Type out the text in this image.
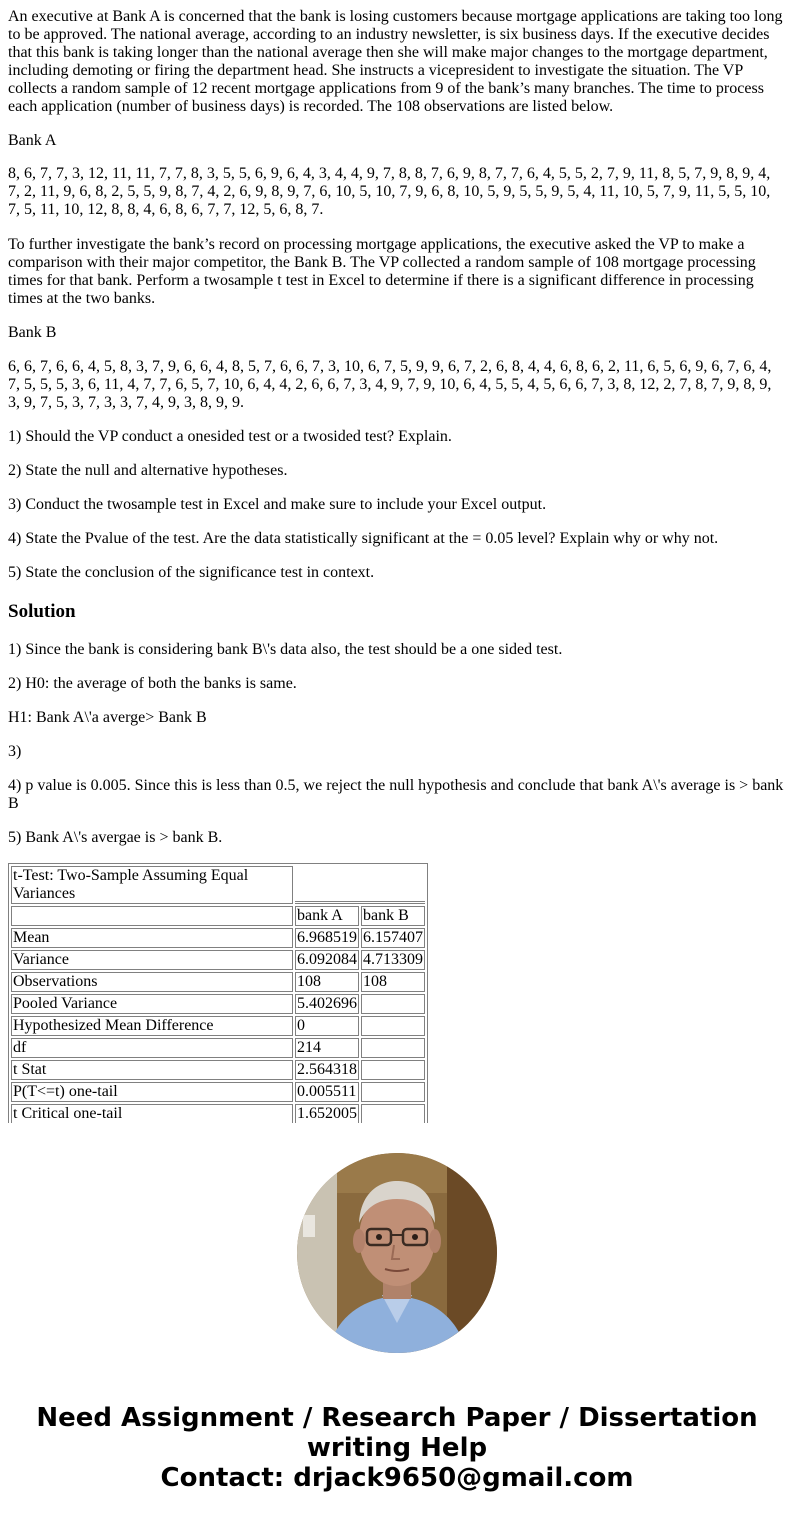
An executive at Bank A is concerned that the bank is losing customers because mortgage applications are taking too long to be approved. The national average, according to an industry newsletter, is six business days. If the executive decides that this bank is taking longer than the national average then she will make major changes to the mortgage department, including demoting or firing the department head. She instructs a vicepresident to investigate the situation. The VP collects a random sample of 12 recent mortgage applications from 9 of the bank’s many branches. The time to process each application (number of business days) is recorded. The 108 observations are listed below.

Bank A

8, 6, 7, 7, 3, 12, 11, 11, 7, 7, 8, 3, 5, 5, 6, 9, 6, 4, 3, 4, 4, 9, 7, 8, 8, 7, 6, 9, 8, 7, 7, 6, 4, 5, 5, 2, 7, 9, 11, 8, 5, 7, 9, 8, 9, 4, 7, 2, 11, 9, 6, 8, 2, 5, 5, 9, 8, 7, 4, 2, 6, 9, 8, 9, 7, 6, 10, 5, 10, 7, 9, 6, 8, 10, 5, 9, 5, 5, 9, 5, 4, 11, 10, 5, 7, 9, 11, 5, 5, 10, 7, 5, 11, 10, 12, 8, 8, 4, 6, 8, 6, 7, 7, 12, 5, 6, 8, 7.

To further investigate the bank’s record on processing mortgage applications, the executive asked the VP to make a comparison with their major competitor, the Bank B. The VP collected a random sample of 108 mortgage processing times for that bank. Perform a twosample t test in Excel to determine if there is a significant difference in processing times at the two banks.

Bank B

6, 6, 7, 6, 6, 4, 5, 8, 3, 7, 9, 6, 6, 4, 8, 5, 7, 6, 6, 7, 3, 10, 6, 7, 5, 9, 9, 6, 7, 2, 6, 8, 4, 4, 6, 8, 6, 2, 11, 6, 5, 6, 9, 6, 7, 6, 4, 7, 5, 5, 5, 3, 6, 11, 4, 7, 7, 6, 5, 7, 10, 6, 4, 4, 2, 6, 6, 7, 3, 4, 9, 7, 9, 10, 6, 4, 5, 5, 4, 5, 6, 6, 7, 3, 8, 12, 2, 7, 8, 7, 9, 8, 9, 3, 9, 7, 5, 3, 7, 3, 3, 7, 4, 9, 3, 8, 9, 9.

1) Should the VP conduct a onesided test or a twosided test? Explain.

2) State the null and alternative hypotheses.

3) Conduct the twosample test in Excel and make sure to include your Excel output.

4) State the Pvalue of the test. Are the data statistically significant at the = 0.05 level? Explain why or why not.

5) State the conclusion of the significance test in context.

Solution

1) Since the bank is considering bank B\'s data also, the test should be a one sided test.

2) H0: the average of both the banks is same.

H1: Bank A\'a averge> Bank B

3)

4) p value is 0.005. Since this is less than 0.5, we reject the null hypothesis and conclude that bank A\'s average is > bank B

5) Bank A\'s avergae is > bank B.

t-Test: Two-Sample Assuming Equal Variances		
	bank A	bank B
Mean	6.968519	6.157407
Variance	6.092084	4.713309
Observations	108	108
Pooled Variance	5.402696	
Hypothesized Mean Difference	0	
df	214	
t Stat	2.564318	
P(T<=t) one-tail	0.005511	
t Critical one-tail	1.652005	
Need Assignment / Research Paper / Dissertation
writing Help
Contact: drjack9650@gmail.com
